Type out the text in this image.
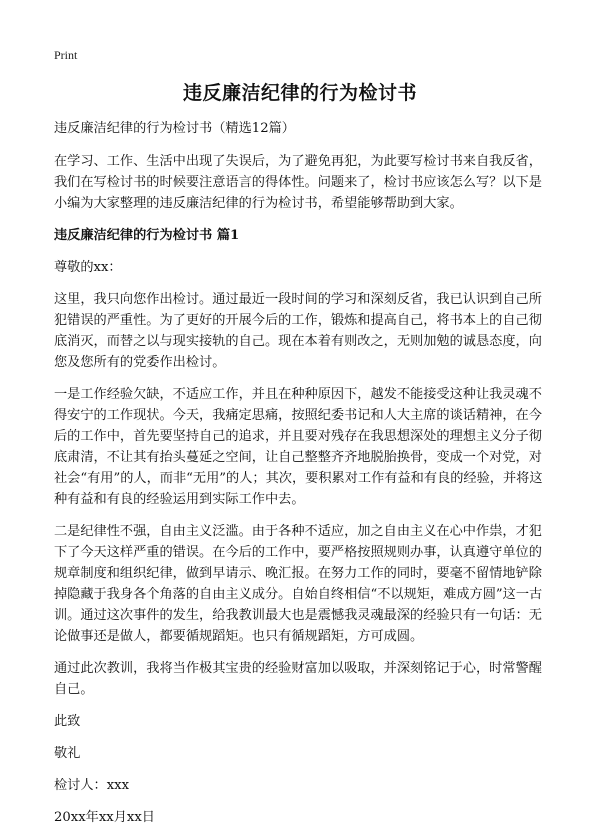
Print
违反廉洁纪律的行为检讨书

违反廉洁纪律的行为检讨书（精选12篇）

在学习、工作、生活中出现了失误后，为了避免再犯，为此要写检讨书来自我反省，我们在写检讨书的时候要注意语言的得体性。问题来了，检讨书应该怎么写？以下是小编为大家整理的违反廉洁纪律的行为检讨书，希望能够帮助到大家。

违反廉洁纪律的行为检讨书 篇1

尊敬的xx：

这里，我只向您作出检讨。通过最近一段时间的学习和深刻反省，我已认识到自己所犯错误的严重性。为了更好的开展今后的工作，锻炼和提高自己，将书本上的自己彻底消灭，而替之以与现实接轨的自己。现在本着有则改之，无则加勉的诚恳态度，向您及您所有的党委作出检讨。

一是工作经验欠缺，不适应工作，并且在种种原因下，越发不能接受这种让我灵魂不得安宁的工作现状。今天，我痛定思痛，按照纪委书记和人大主席的谈话精神，在今后的工作中，首先要坚持自己的追求，并且要对残存在我思想深处的理想主义分子彻底肃清，不让其有抬头蔓延之空间，让自己整整齐齐地脱胎换骨，变成一个对党，对社会“有用”的人，而非“无用”的人；其次，要积累对工作有益和有良的经验，并将这种有益和有良的经验运用到实际工作中去。

二是纪律性不强，自由主义泛滥。由于各种不适应，加之自由主义在心中作祟，才犯下了今天这样严重的错误。在今后的工作中，要严格按照规则办事，认真遵守单位的规章制度和组织纪律，做到早请示、晚汇报。在努力工作的同时，要毫不留情地铲除掉隐藏于我身各个角落的自由主义成分。自始自终相信“不以规矩，难成方圆”这一古训。通过这次事件的发生，给我教训最大也是震憾我灵魂最深的经验只有一句话：无论做事还是做人，都要循规蹈矩。也只有循规蹈矩，方可成圆。

通过此次教训，我将当作极其宝贵的经验财富加以吸取，并深刻铭记于心，时常警醒自己。

此致

敬礼

检讨人：xxx

20xx年xx月xx日
